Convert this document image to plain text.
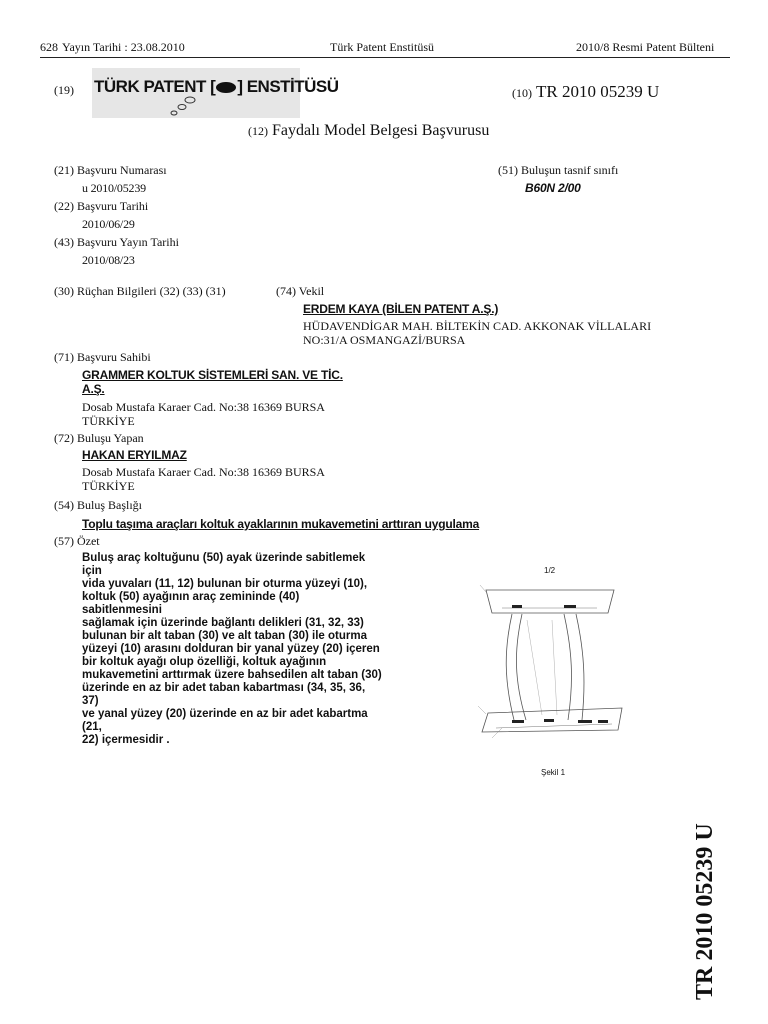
628 Yayın Tarihi : 23.08.2010	Türk Patent Enstitüsü	2010/8 Resmi Patent Bülteni
(19) TÜRK PATENT [ ] ENSTİTÜSÜ	(10) TR 2010 05239 U
(12) Faydalı Model Belgesi Başvurusu
(21) Başvuru Numarası
u 2010/05239
(22) Başvuru Tarihi
2010/06/29
(43) Başvuru Yayın Tarihi
2010/08/23
(51) Buluşun tasnif sınıfı
B60N 2/00
(30) Rüçhan Bilgileri (32) (33) (31)	(74) Vekil
ERDEM KAYA (BİLEN PATENT A.Ş.)
HÜDAVENDİGAR MAH. BİLTEKİN CAD. AKKONAK VİLLALARI
NO:31/A OSMANGAZİ/BURSA
(71) Başvuru Sahibi
GRAMMER KOLTUK SİSTEMLERİ SAN. VE TİC.
A.Ş.
Dosab Mustafa Karaer Cad. No:38 16369 BURSA
TÜRKİYE
(72) Buluşu Yapan
HAKAN ERYILMAZ
Dosab Mustafa Karaer Cad. No:38 16369 BURSA
TÜRKİYE
(54) Buluş Başlığı
Toplu taşıma araçları koltuk ayaklarının mukavemetini arttıran uygulama
(57) Özet
Buluş araç koltuğunu (50) ayak üzerinde sabitlemek için
vida yuvaları (11, 12) bulunan bir oturma yüzeyi (10),
koltuk (50) ayağının araç zemininde (40) sabitlenmesini
sağlamak için üzerinde bağlantı delikleri (31, 32, 33)
bulunan bir alt taban (30) ve alt taban (30) ile oturma
yüzeyi (10) arasını dolduran bir yanal yüzey (20) içeren
bir koltuk ayağı olup özelliği, koltuk ayağının
mukavemetini arttırmak üzere bahsedilen alt taban (30)
üzerinde en az bir adet taban kabartması (34, 35, 36, 37)
ve yanal yüzey (20) üzerinde en az bir adet kabartma (21,
22) içermesidir .
1/2
Şekil 1
TR 2010 05239 U
